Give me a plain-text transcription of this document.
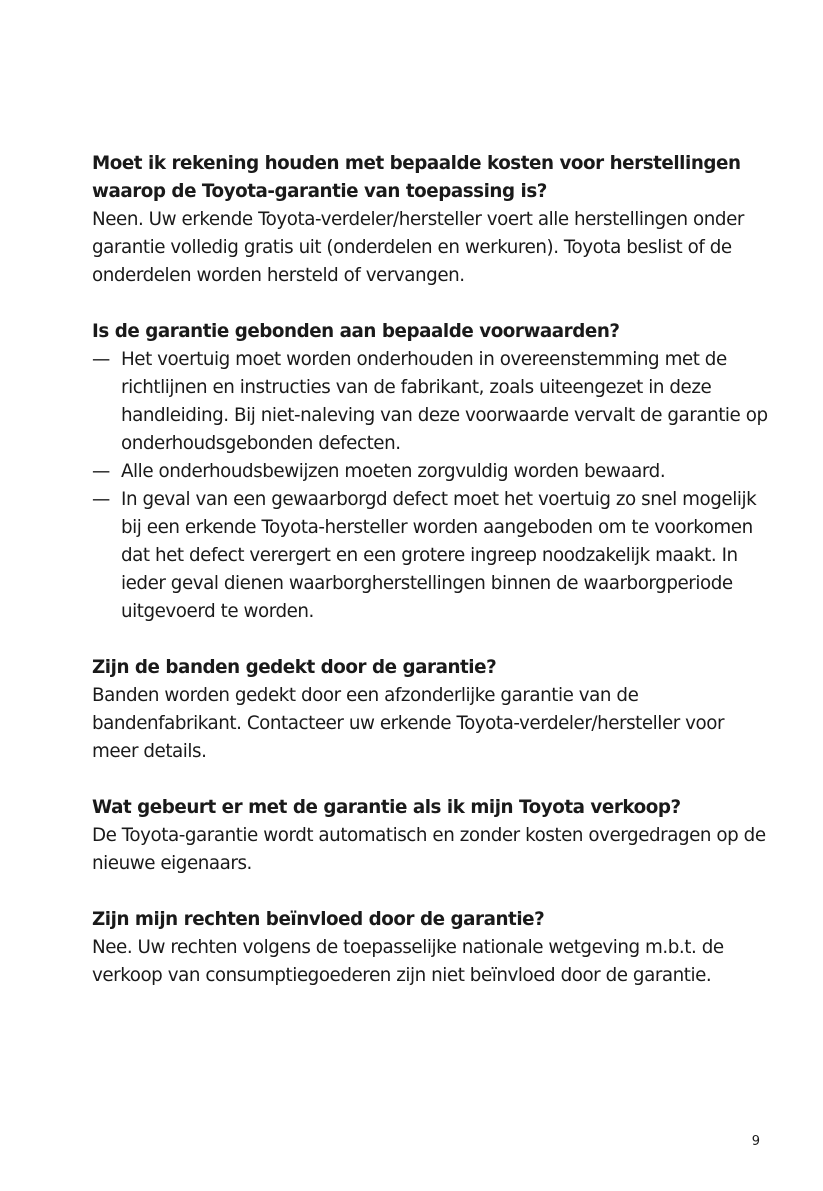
Moet ik rekening houden met bepaalde kosten voor herstellingen waarop de Toyota-garantie van toepassing is?

Neen. Uw erkende Toyota-verdeler/hersteller voert alle herstellingen onder garantie volledig gratis uit (onderdelen en werkuren). Toyota beslist of de onderdelen worden hersteld of vervangen.

Is de garantie gebonden aan bepaalde voorwaarden?

— Het voertuig moet worden onderhouden in overeenstemming met de richtlijnen en instructies van de fabrikant, zoals uiteengezet in deze handleiding. Bij niet-naleving van deze voorwaarde vervalt de garantie op onderhoudsgebonden defecten.
— Alle onderhoudsbewijzen moeten zorgvuldig worden bewaard.
— In geval van een gewaarborgd defect moet het voertuig zo snel mogelijk bij een erkende Toyota-hersteller worden aangeboden om te voorkomen dat het defect verergert en een grotere ingreep noodzakelijk maakt. In ieder geval dienen waarborgherstellingen binnen de waarborgperiode uitgevoerd te worden.

Zijn de banden gedekt door de garantie?

Banden worden gedekt door een afzonderlijke garantie van de bandenfabrikant. Contacteer uw erkende Toyota-verdeler/hersteller voor meer details.

Wat gebeurt er met de garantie als ik mijn Toyota verkoop?

De Toyota-garantie wordt automatisch en zonder kosten overgedragen op de nieuwe eigenaars.

Zijn mijn rechten beïnvloed door de garantie?

Nee. Uw rechten volgens de toepasselijke nationale wetgeving m.b.t. de verkoop van consumptiegoederen zijn niet beïnvloed door de garantie.

9
